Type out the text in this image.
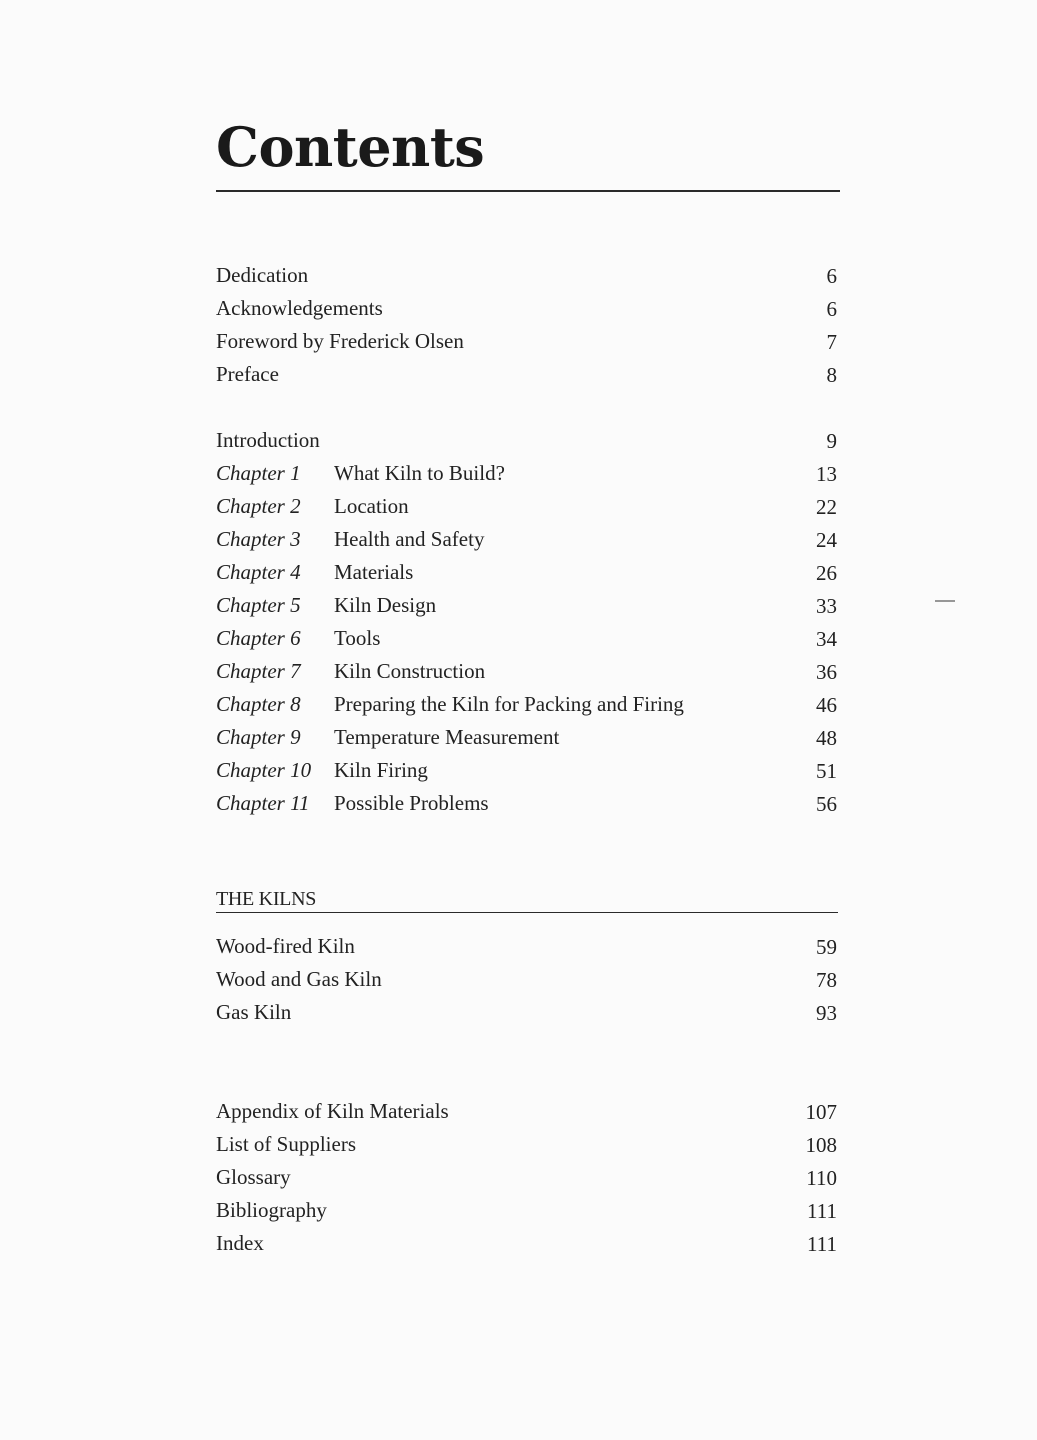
Contents
Dedication	6
Acknowledgements	6
Foreword by Frederick Olsen	7
Preface	8
Introduction	9
Chapter 1 What Kiln to Build?	13
Chapter 2 Location	22
Chapter 3 Health and Safety	24
Chapter 4 Materials	26
Chapter 5 Kiln Design	33
Chapter 6 Tools	34
Chapter 7 Kiln Construction	36
Chapter 8 Preparing the Kiln for Packing and Firing	46
Chapter 9 Temperature Measurement	48
Chapter 10 Kiln Firing	51
Chapter 11 Possible Problems	56
THE KILNS
Wood-fired Kiln	59
Wood and Gas Kiln	78
Gas Kiln	93
Appendix of Kiln Materials	107
List of Suppliers	108
Glossary	110
Bibliography	111
Index	111
